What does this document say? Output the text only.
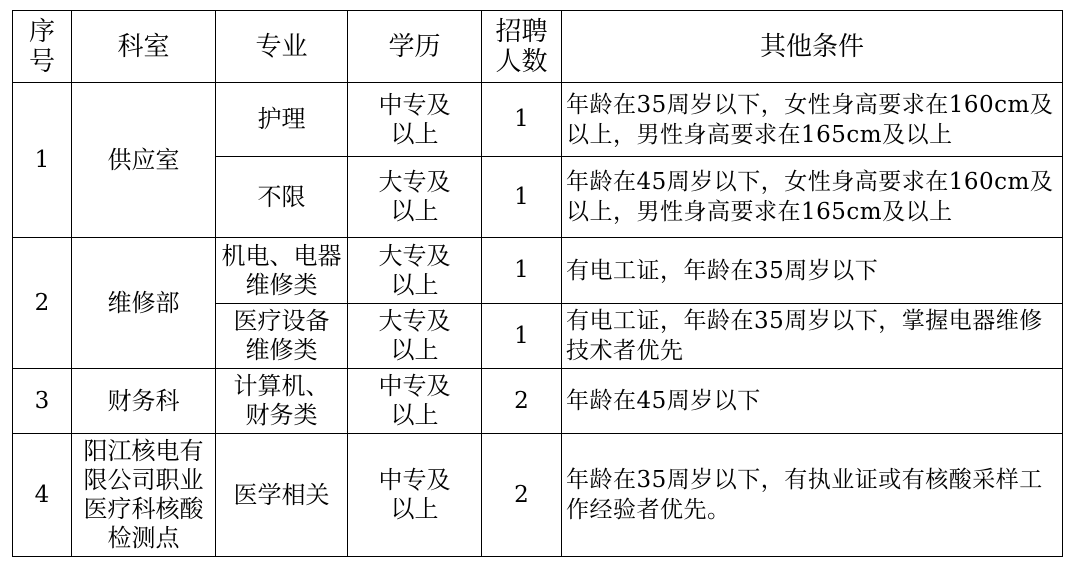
序号	科室	专业	学历	招聘人数	其他条件
1	供应室	护理	中专及以上	1	年龄在35周岁以下，女性身高要求在160cm及以上，男性身高要求在165cm及以上
		不限	大专及以上	1	年龄在45周岁以下，女性身高要求在160cm及以上，男性身高要求在165cm及以上
2	维修部	机电、电器维修类	大专及以上	1	有电工证，年龄在35周岁以下
		医疗设备维修类	大专及以上	1	有电工证，年龄在35周岁以下，掌握电器维修技术者优先
3	财务科	计算机、财务类	中专及以上	2	年龄在45周岁以下
4	阳江核电有限公司职业医疗科核酸检测点	医学相关	中专及以上	2	年龄在35周岁以下，有执业证或有核酸采样工作经验者优先。
